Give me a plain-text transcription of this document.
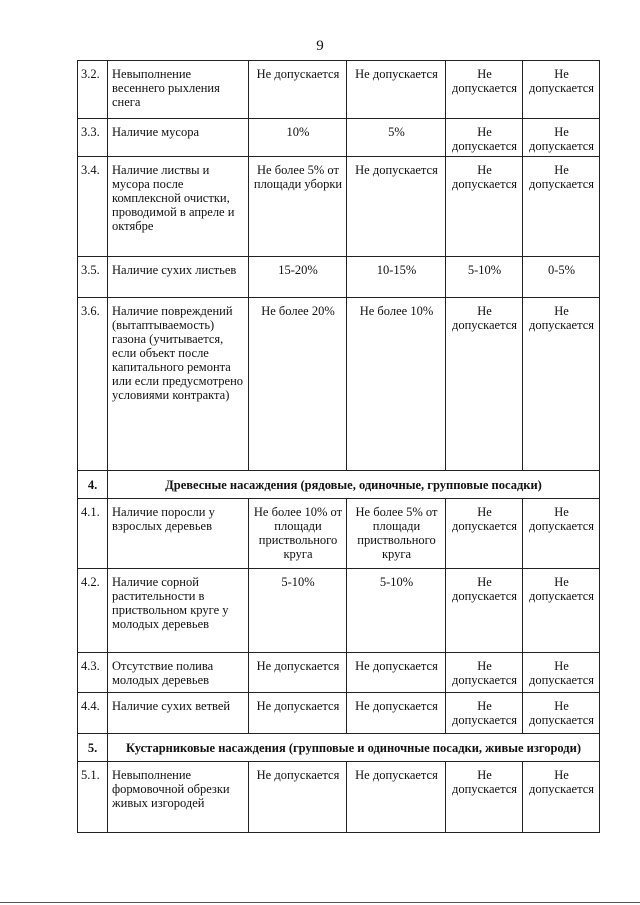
9
3.2.	Невыполнение весеннего рыхления снега	Не допускается	Не допускается	Не допускается	Не допускается
3.3.	Наличие мусора	10%	5%	Не допускается	Не допускается
3.4.	Наличие листвы и мусора после комплексной очистки, проводимой в апреле и октябре	Не более 5% от площади уборки	Не допускается	Не допускается	Не допускается
3.5.	Наличие сухих листьев	15-20%	10-15%	5-10%	0-5%
3.6.	Наличие повреждений (вытаптываемость) газона (учитывается, если объект после капитального ремонта или если предусмотрено условиями контракта)	Не более 20%	Не более 10%	Не допускается	Не допускается
4.	Древесные насаждения (рядовые, одиночные, групповые посадки)				
4.1.	Наличие поросли у взрослых деревьев	Не более 10% от площади приствольного круга	Не более 5% от площади приствольного круга	Не допускается	Не допускается
4.2.	Наличие сорной растительности в приствольном круге у молодых деревьев	5-10%	5-10%	Не допускается	Не допускается
4.3.	Отсутствие полива молодых деревьев	Не допускается	Не допускается	Не допускается	Не допускается
4.4.	Наличие сухих ветвей	Не допускается	Не допускается	Не допускается	Не допускается
5.	Кустарниковые насаждения (групповые и одиночные посадки, живые изгороди)				
5.1.	Невыполнение формовочной обрезки живых изгородей	Не допускается	Не допускается	Не допускается	Не допускается
